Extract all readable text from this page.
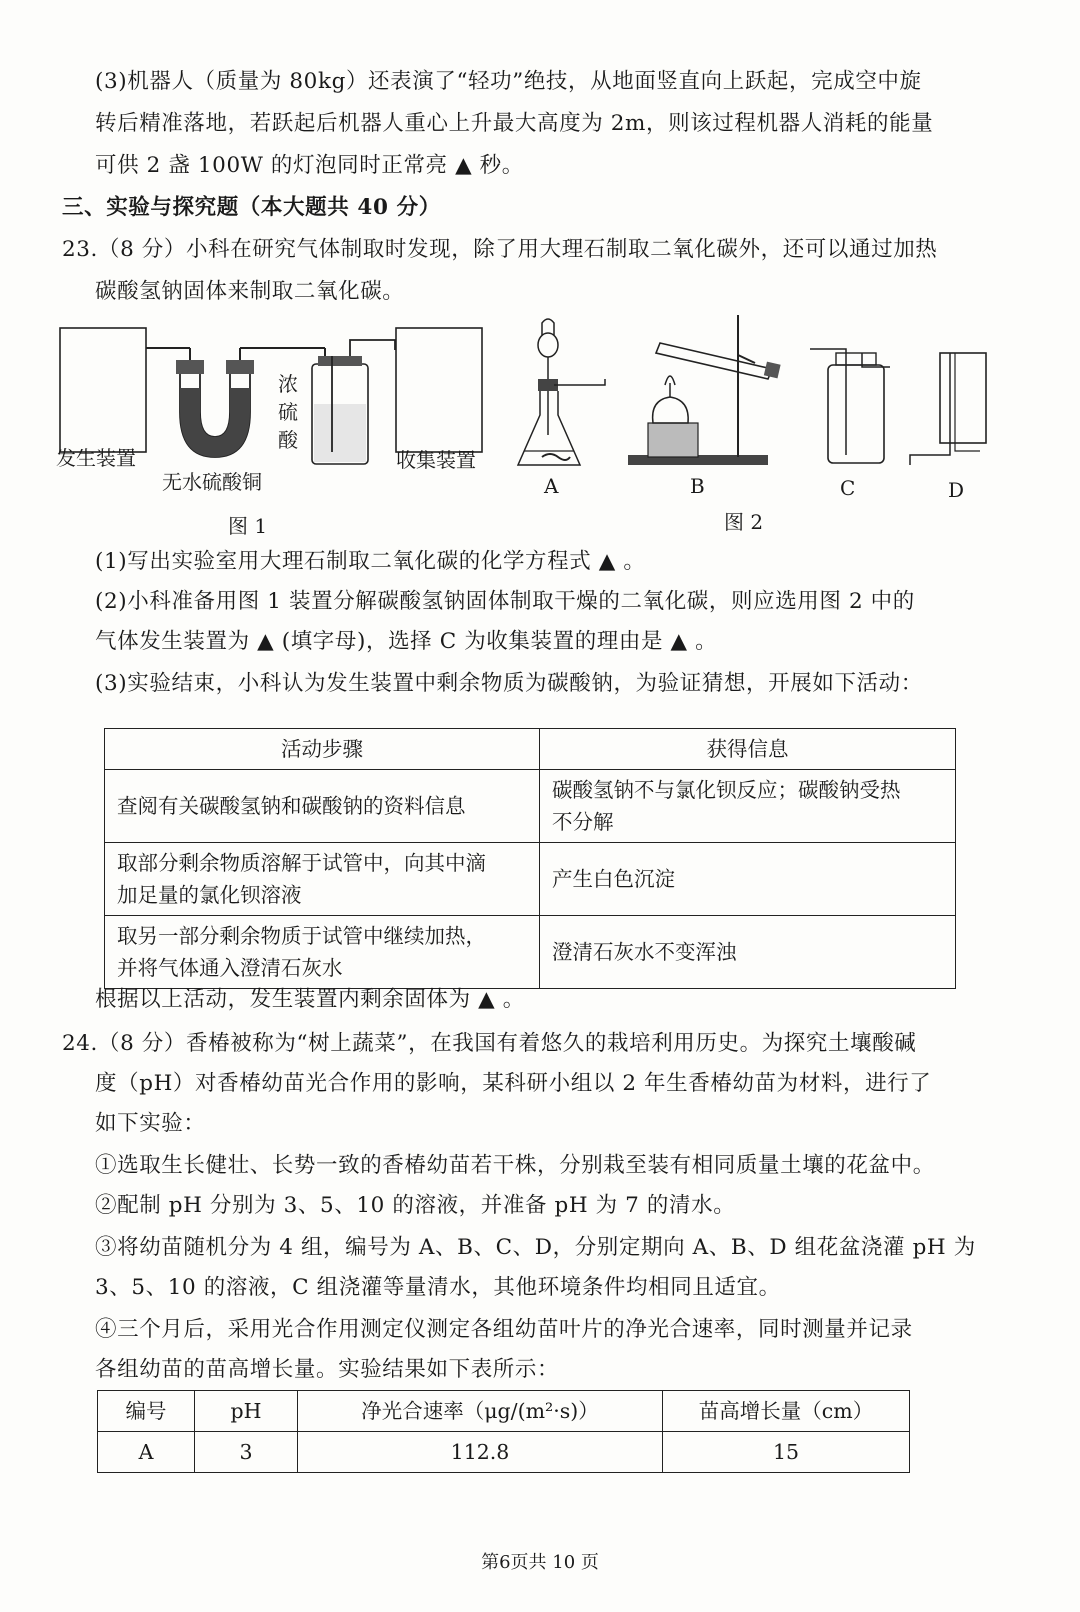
(3)机器人（质量为 80kg）还表演了“轻功”绝技，从地面竖直向上跃起，完成空中旋
转后精准落地，若跃起后机器人重心上升最大高度为 2m，则该过程机器人消耗的能量
可供 2 盏 100W 的灯泡同时正常亮 ▲ 秒。
三、实验与探究题（本大题共 40 分）
23.（8 分）小科在研究气体制取时发现，除了用大理石制取二氧化碳外，还可以通过加热
碳酸氢钠固体来制取二氧化碳。
发生装置
无水硫酸铜
浓
硫
酸
收集装置
图 1
A	B	C	D
图 2
(1)写出实验室用大理石制取二氧化碳的化学方程式 ▲ 。
(2)小科准备用图 1 装置分解碳酸氢钠固体制取干燥的二氧化碳，则应选用图 2 中的
气体发生装置为 ▲ (填字母)，选择 C 为收集装置的理由是 ▲ 。
(3)实验结束，小科认为发生装置中剩余物质为碳酸钠，为验证猜想，开展如下活动：
活动步骤	获得信息
查阅有关碳酸氢钠和碳酸钠的资料信息	碳酸氢钠不与氯化钡反应；碳酸钠受热
不分解
取部分剩余物质溶解于试管中，向其中滴
加足量的氯化钡溶液	产生白色沉淀
取另一部分剩余物质于试管中继续加热，
并将气体通入澄清石灰水	澄清石灰水不变浑浊
根据以上活动，发生装置内剩余固体为 ▲ 。
24.（8 分）香椿被称为“树上蔬菜”，在我国有着悠久的栽培利用历史。为探究土壤酸碱
度（pH）对香椿幼苗光合作用的影响，某科研小组以 2 年生香椿幼苗为材料，进行了
如下实验：
①选取生长健壮、长势一致的香椿幼苗若干株，分别栽至装有相同质量土壤的花盆中。
②配制 pH 分别为 3、5、10 的溶液，并准备 pH 为 7 的清水。
③将幼苗随机分为 4 组，编号为 A、B、C、D，分别定期向 A、B、D 组花盆浇灌 pH 为
3、5、10 的溶液，C 组浇灌等量清水，其他环境条件均相同且适宜。
④三个月后，采用光合作用测定仪测定各组幼苗叶片的净光合速率，同时测量并记录
各组幼苗的苗高增长量。实验结果如下表所示：
编号	pH	净光合速率（μg/(m²·s)）	苗高增长量（cm）
A	3	112.8	15
第6页共 10 页
